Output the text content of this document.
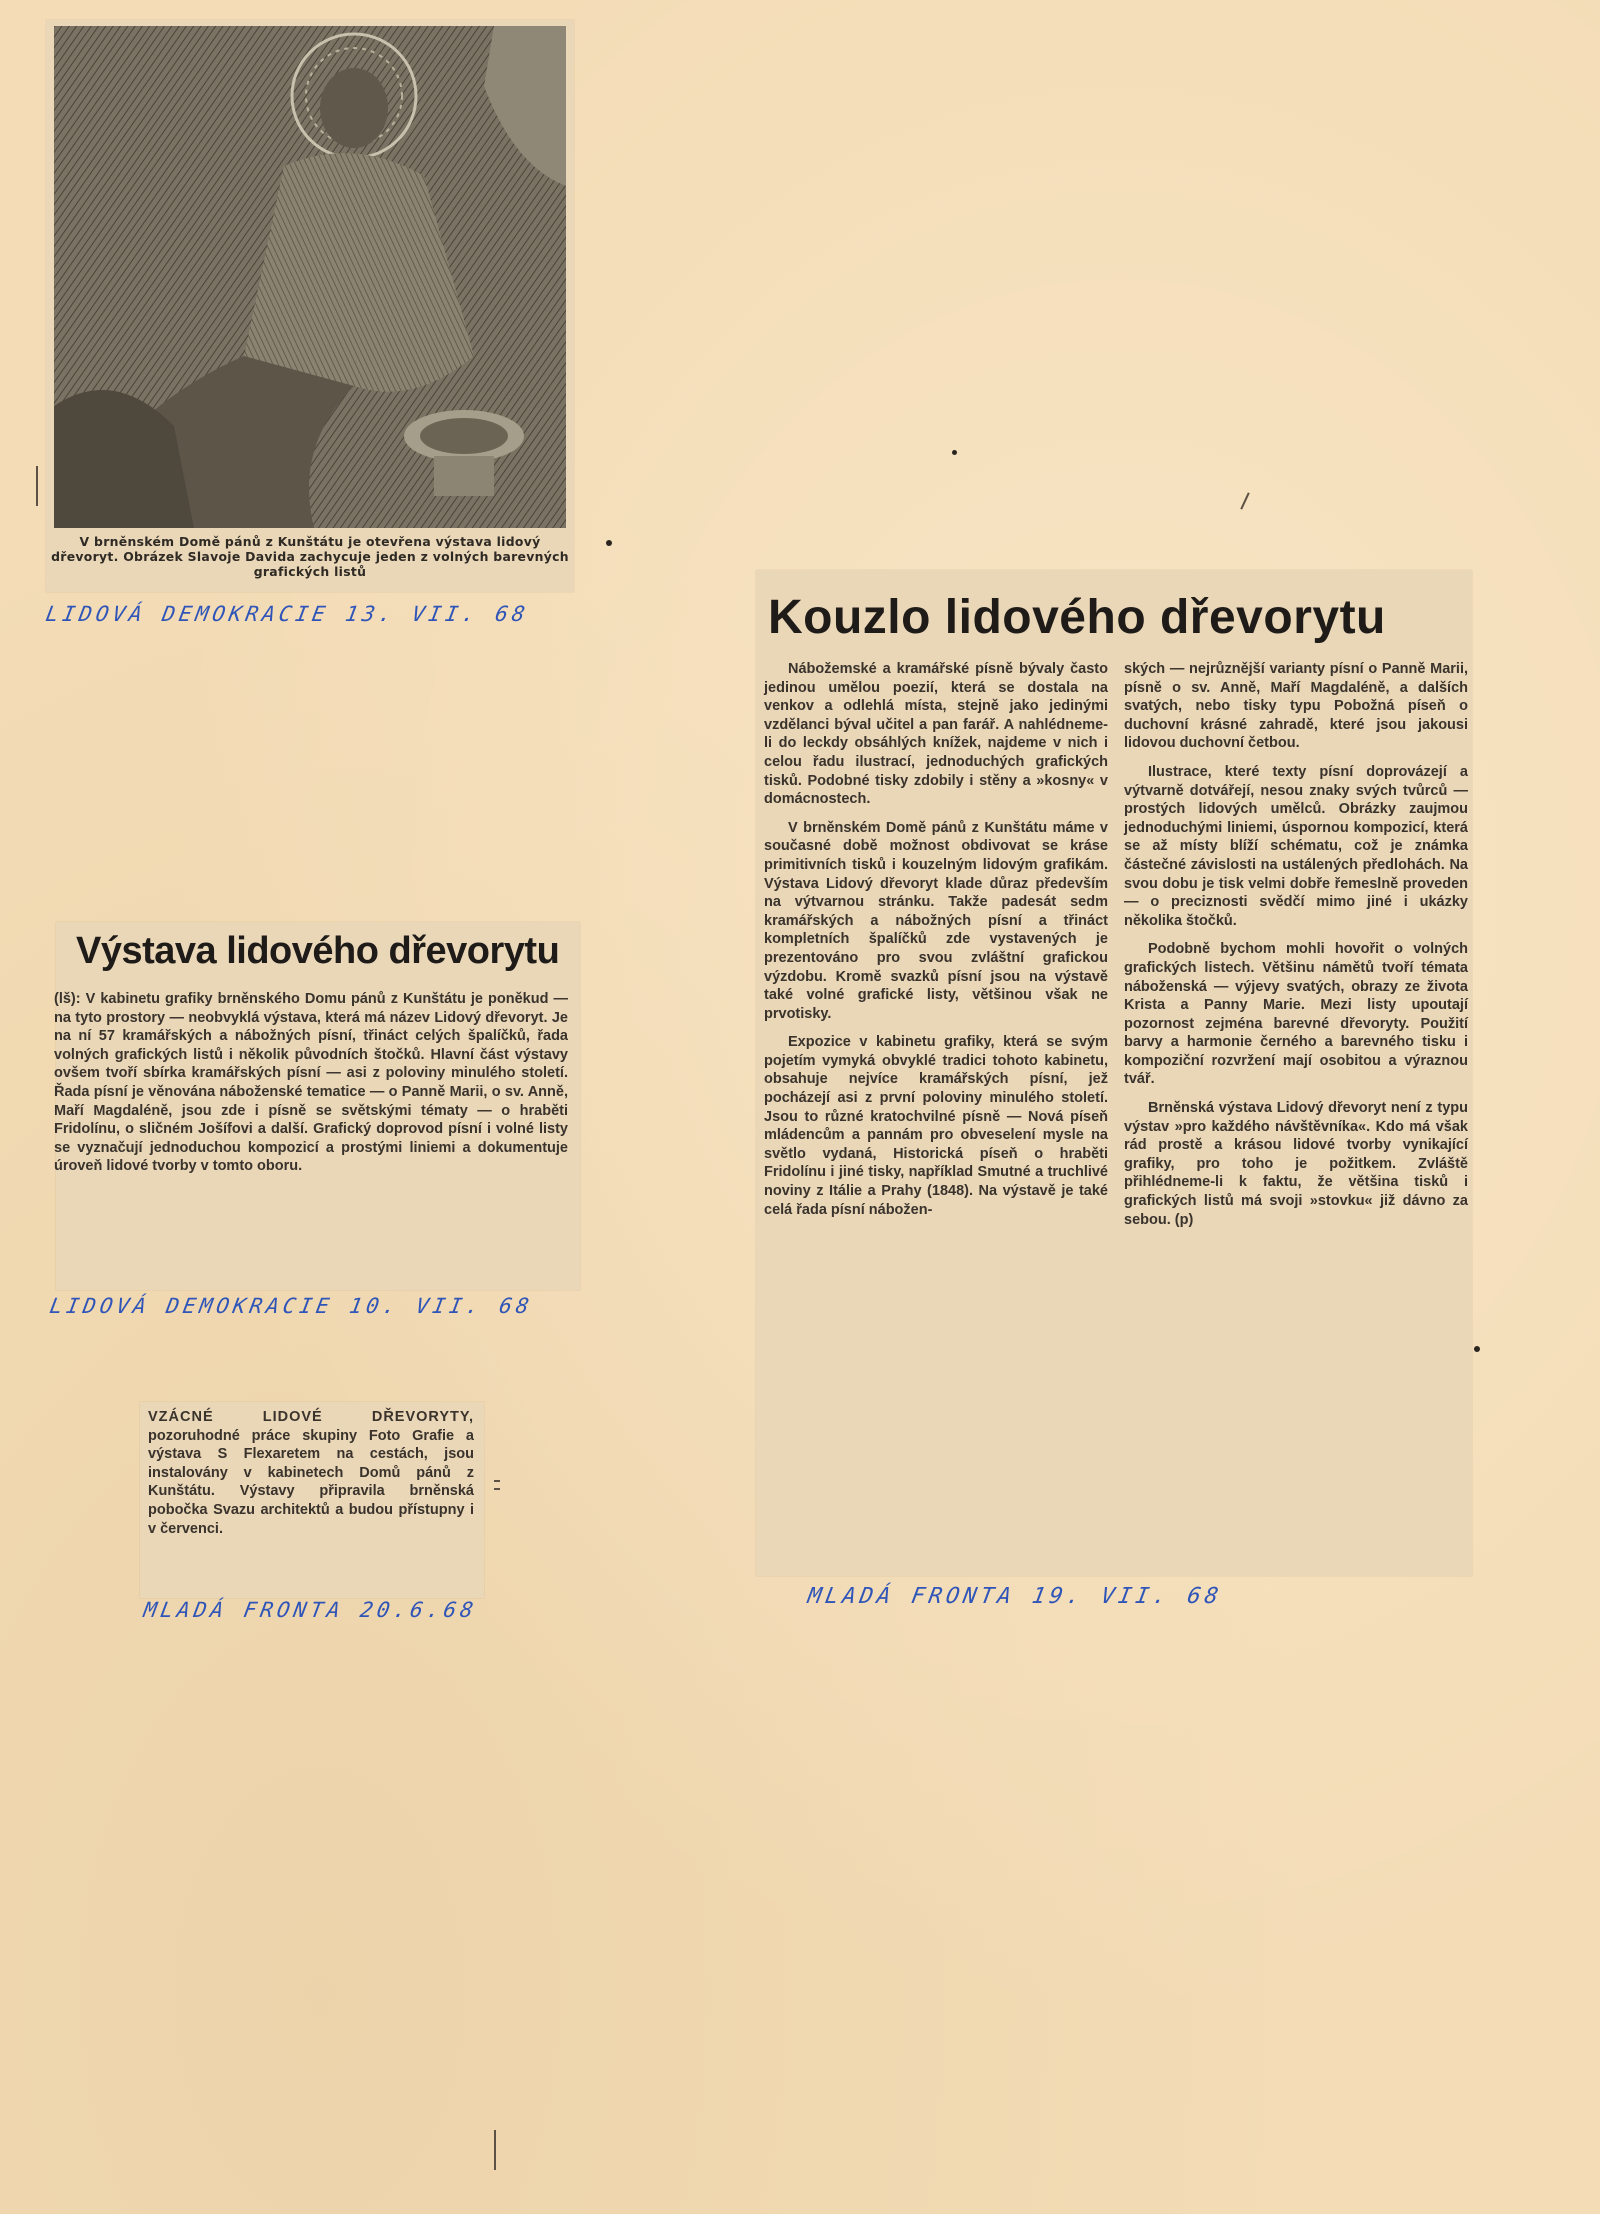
V brněnském Domě pánů z Kunštátu je otevřena výstava lidový dřevoryt. Obrázek Slavoje Davida zachycuje jeden z volných barevných grafických listů
LIDOVÁ DEMOKRACIE 13. VII. 68
Výstava lidového dřevorytu
(lš): V kabinetu grafiky brněnského Domu pánů z Kunštátu je poněkud — na tyto prostory — neobvyklá výstava, která má název Lidový dřevoryt. Je na ní 57 kramářských a nábožných písní, třináct celých špalíčků, řada volných grafických listů i několik původních štočků. Hlavní část výstavy ovšem tvoří sbírka kramářských písní — asi z poloviny minulého století. Řada písní je věnována náboženské tematice — o Panně Marii, o sv. Anně, Maří Magdaléně, jsou zde i písně se světskými tématy — o hraběti Fridolínu, o sličném Jošífovi a další. Grafický doprovod písní i volné listy se vyznačují jednoduchou kompozicí a prostými liniemi a dokumentuje úroveň lidové tvorby v tomto oboru.
LIDOVÁ DEMOKRACIE 10. VII. 68
VZÁCNÉ LIDOVÉ DŘEVORYTY, pozoruhodné práce skupiny Foto Grafie a výstava S Flexaretem na cestách, jsou instalovány v kabinetech Domů pánů z Kunštátu. Výstavy připravila brněnská pobočka Svazu architektů a budou přístupny i v červenci.
MLADÁ FRONTA 20.6.68
Kouzlo lidového dřevorytu

Nábožemské a kramářské písně bývaly často jedinou umělou poezií, která se dostala na venkov a odlehlá místa, stejně jako jedinými vzdělanci býval učitel a pan farář. A nahlédneme-li do leckdy obsáhlých knížek, najdeme v nich i celou řadu ilustrací, jednoduchých grafických tisků. Podobné tisky zdobily i stěny a »kosny« v domácnostech.

V brněnském Domě pánů z Kunštátu máme v současné době možnost obdivovat se kráse primitivních tisků i kouzelným lidovým grafikám. Výstava Lidový dřevoryt klade důraz především na výtvarnou stránku. Takže padesát sedm kramářských a nábožných písní a třináct kompletních špalíčků zde vystavených je prezentováno pro svou zvláštní grafickou výzdobu. Kromě svazků písní jsou na výstavě také volné grafické listy, většinou však ne prvotisky.

Expozice v kabinetu grafiky, která se svým pojetím vymyká obvyklé tradici tohoto kabinetu, obsahuje nejvíce kramářských písní, jež pocházejí asi z první poloviny minulého století. Jsou to různé kratochvilné písně — Nová píseň mládencům a pannám pro obveselení mysle na světlo vydaná, Historická píseň o hraběti Fridolínu i jiné tisky, například Smutné a truchlivé noviny z Itálie a Prahy (1848). Na výstavě je také celá řada písní nábožen-

ských — nejrůznější varianty písní o Panně Marii, písně o sv. Anně, Maří Magdaléně, a dalších svatých, nebo tisky typu Pobožná píseň o duchovní krásné zahradě, které jsou jakousi lidovou duchovní četbou.

Ilustrace, které texty písní doprovázejí a výtvarně dotvářejí, nesou znaky svých tvůrců — prostých lidových umělců. Obrázky zaujmou jednoduchými liniemi, úspornou kompozicí, která se až místy blíží schématu, což je známka částečné závislosti na ustálených předlohách. Na svou dobu je tisk velmi dobře řemeslně proveden — o preciznosti svědčí mimo jiné i ukázky několika štočků.

Podobně bychom mohli hovořit o volných grafických listech. Většinu námětů tvoří témata náboženská — výjevy svatých, obrazy ze života Krista a Panny Marie. Mezi listy upoutají pozornost zejména barevné dřevoryty. Použití barvy a harmonie černého a barevného tisku i kompoziční rozvržení mají osobitou a výraznou tvář.

Brněnská výstava Lidový dřevoryt není z typu výstav »pro každého návštěvníka«. Kdo má však rád prostě a krásou lidové tvorby vynikající grafiky, pro toho je požitkem. Zvláště přihlédneme-li k faktu, že většina tisků i grafických listů má svoji »stovku« již dávno za sebou. (p)

MLADÁ FRONTA 19. VII. 68
